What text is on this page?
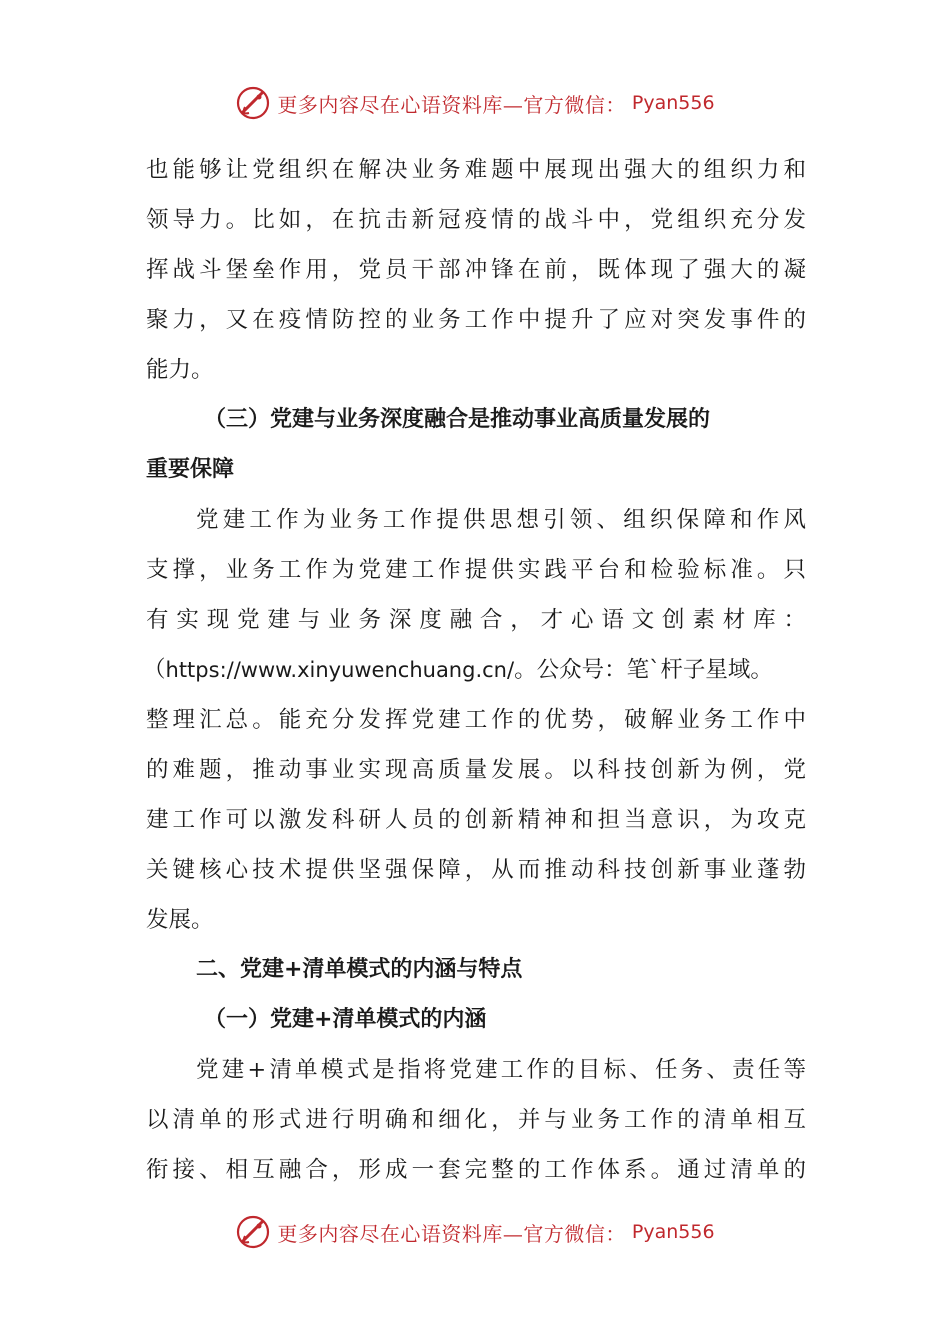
更多内容尽在心语资料库—官方微信： Pyan556
也能够让党组织在解决业务难题中展现出强大的组织力和
领导力。比如，在抗击新冠疫情的战斗中，党组织充分发
挥战斗堡垒作用，党员干部冲锋在前，既体现了强大的凝
聚力，又在疫情防控的业务工作中提升了应对突发事件的
能力。
（三）党建与业务深度融合是推动事业高质量发展的
重要保障
党建工作为业务工作提供思想引领、组织保障和作风
支撑，业务工作为党建工作提供实践平台和检验标准。只
有实现党建与业务深度融合，才心语文创素材库：
（https://www.xinyuwenchuang.cn/。公众号：笔`杆子星域。
整理汇总。能充分发挥党建工作的优势，破解业务工作中
的难题，推动事业实现高质量发展。以科技创新为例，党
建工作可以激发科研人员的创新精神和担当意识，为攻克
关键核心技术提供坚强保障，从而推动科技创新事业蓬勃
发展。
二、党建+清单模式的内涵与特点
（一）党建+清单模式的内涵
党建+清单模式是指将党建工作的目标、任务、责任等
以清单的形式进行明确和细化，并与业务工作的清单相互
衔接、相互融合，形成一套完整的工作体系。通过清单的
更多内容尽在心语资料库—官方微信： Pyan556
